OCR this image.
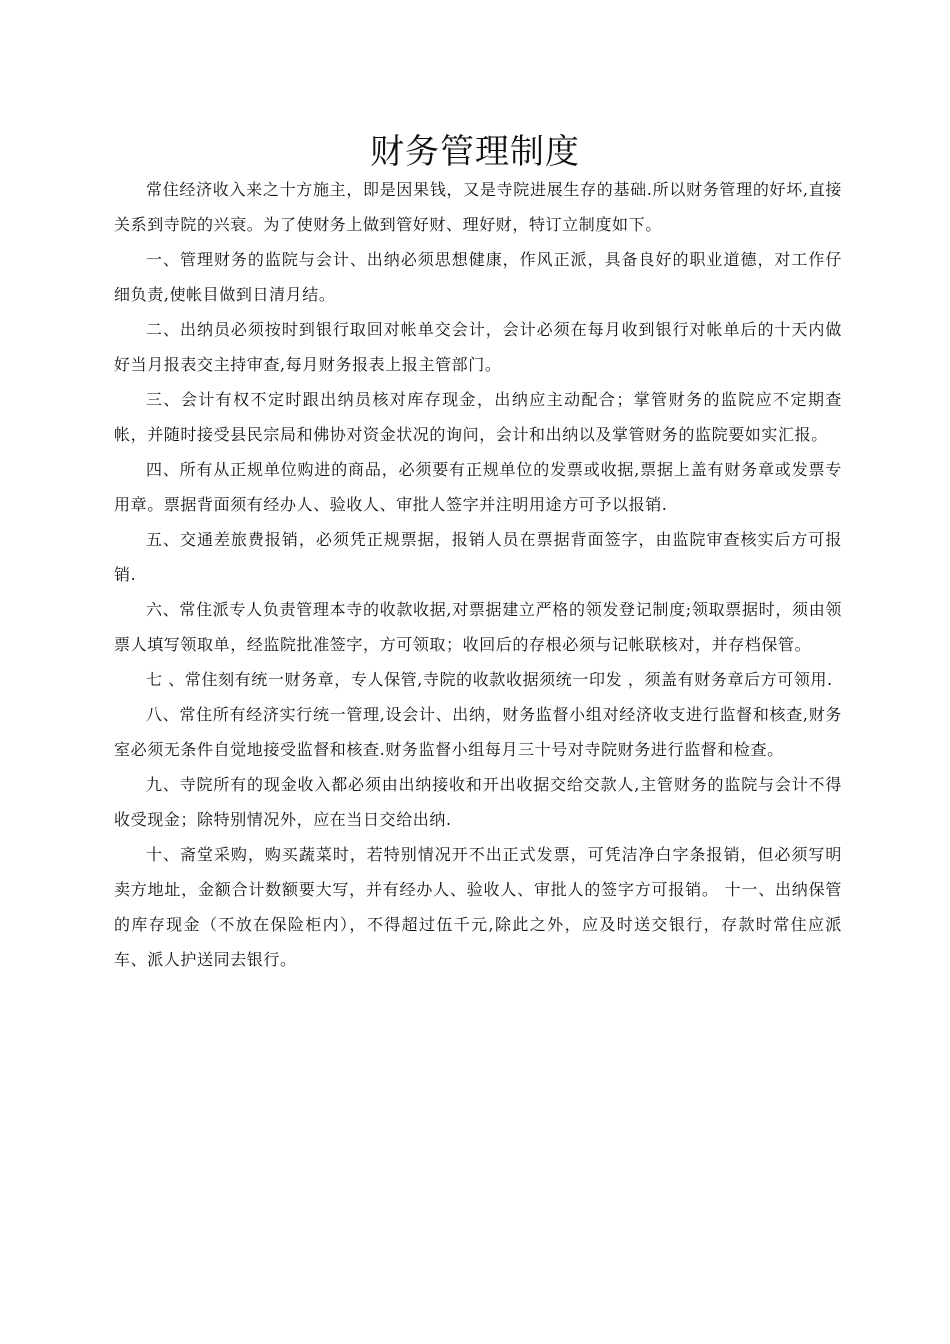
财务管理制度

常住经济收入来之十方施主，即是因果钱，又是寺院进展生存的基础.所以财务管理的好坏,直接关系到寺院的兴衰。为了使财务上做到管好财、理好财，特订立制度如下。

一、管理财务的监院与会计、出纳必须思想健康，作风正派，具备良好的职业道德，对工作仔细负责,使帐目做到日清月结。

二、出纳员必须按时到银行取回对帐单交会计，会计必须在每月收到银行对帐单后的十天内做好当月报表交主持审查,每月财务报表上报主管部门。

三、会计有权不定时跟出纳员核对库存现金，出纳应主动配合；掌管财务的监院应不定期查帐，并随时接受县民宗局和佛协对资金状况的询问，会计和出纳以及掌管财务的监院要如实汇报。

四、所有从正规单位购进的商品，必须要有正规单位的发票或收据,票据上盖有财务章或发票专用章。票据背面须有经办人、验收人、审批人签字并注明用途方可予以报销.

五、交通差旅费报销，必须凭正规票据，报销人员在票据背面签字，由监院审查核实后方可报销.

六、常住派专人负责管理本寺的收款收据,对票据建立严格的领发登记制度;领取票据时，须由领票人填写领取单，经监院批准签字，方可领取；收回后的存根必须与记帐联核对，并存档保管。

七 、常住刻有统一财务章，专人保管,寺院的收款收据须统一印发 ，须盖有财务章后方可领用.

八、常住所有经济实行统一管理,设会计、出纳，财务监督小组对经济收支进行监督和核查,财务室必须无条件自觉地接受监督和核查.财务监督小组每月三十号对寺院财务进行监督和检查。

九、寺院所有的现金收入都必须由出纳接收和开出收据交给交款人,主管财务的监院与会计不得收受现金；除特别情况外，应在当日交给出纳.

十、斋堂采购，购买蔬菜时，若特别情况开不出正式发票，可凭洁净白字条报销，但必须写明卖方地址，金额合计数额要大写，并有经办人、验收人、审批人的签字方可报销。 十一、出纳保管的库存现金（不放在保险柜内），不得超过伍千元,除此之外，应及时送交银行，存款时常住应派车、派人护送同去银行。
